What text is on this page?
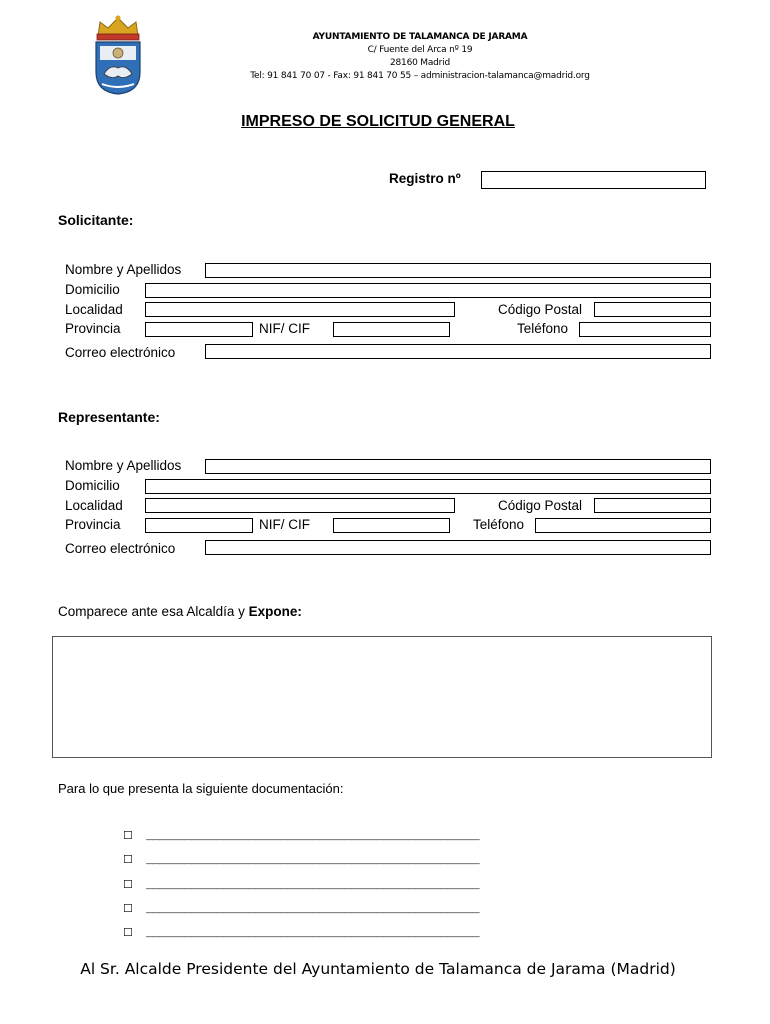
AYUNTAMIENTO DE TALAMANCA DE JARAMA
C/ Fuente del Arca nº 19
28160 Madrid
Tel: 91 841 70 07 - Fax: 91 841 70 55 – administracion-talamanca@madrid.org
IMPRESO DE SOLICITUD GENERAL
Registro nº
Solicitante:
Nombre y Apellidos
Domicilio
Localidad	Código Postal
Provincia	NIF/ CIF	Teléfono
Correo electrónico
Representante:
Nombre y Apellidos
Domicilio
Localidad	Código Postal
Provincia	NIF/ CIF	Teléfono
Correo electrónico
Comparece ante esa Alcaldía y Expone:
Para lo que presenta la siguiente documentación:
☐ ____________________________________________________
☐ ____________________________________________________
☐ ____________________________________________________
☐ ____________________________________________________
☐ ____________________________________________________
Al Sr. Alcalde Presidente del Ayuntamiento de Talamanca de Jarama (Madrid)
